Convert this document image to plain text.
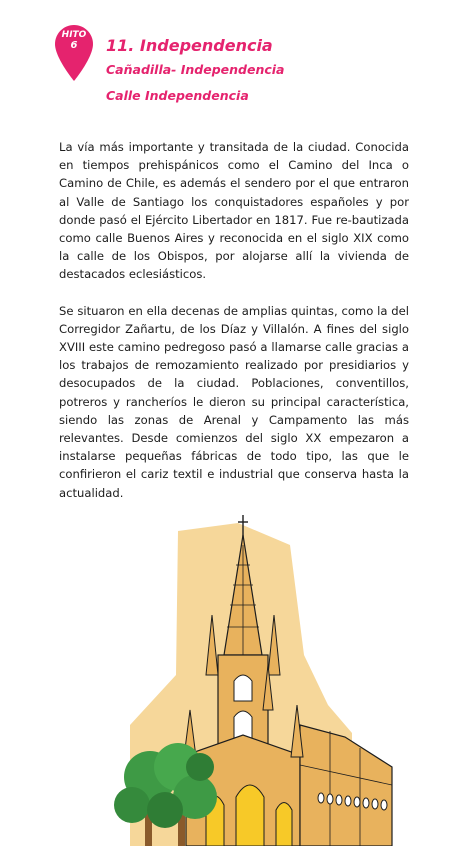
HITO
6	11. Independencia
Cañadilla- Independencia
Calle Independencia

La vía más importante y transitada de la ciudad. Conocida en tiempos prehispánicos como el Camino del Inca o Camino de Chile, es además el sendero por el que entraron al Valle de Santiago los conquistadores españoles y por donde pasó el Ejército Libertador en 1817. Fue re-bautizada como calle Buenos Aires y reconocida en el siglo XIX como la calle de los Obispos, por alojarse allí la vivienda de destacados eclesiásticos.

Se situaron en ella decenas de amplias quintas, como la del Corregidor Zañartu, de los Díaz y Villalón. A fines del siglo XVIII este camino pedregoso pasó a llamarse calle gracias a los trabajos de remozamiento realizado por presidiarios y desocupados de la ciudad. Poblaciones, conventillos, potreros y rancheríos le dieron su principal característica, siendo las zonas de Arenal y Campamento las más relevantes. Desde comienzos del siglo XX empezaron a instalarse pequeñas fábricas de todo tipo, las que le confirieron el cariz textil e industrial que conserva hasta la actualidad.
